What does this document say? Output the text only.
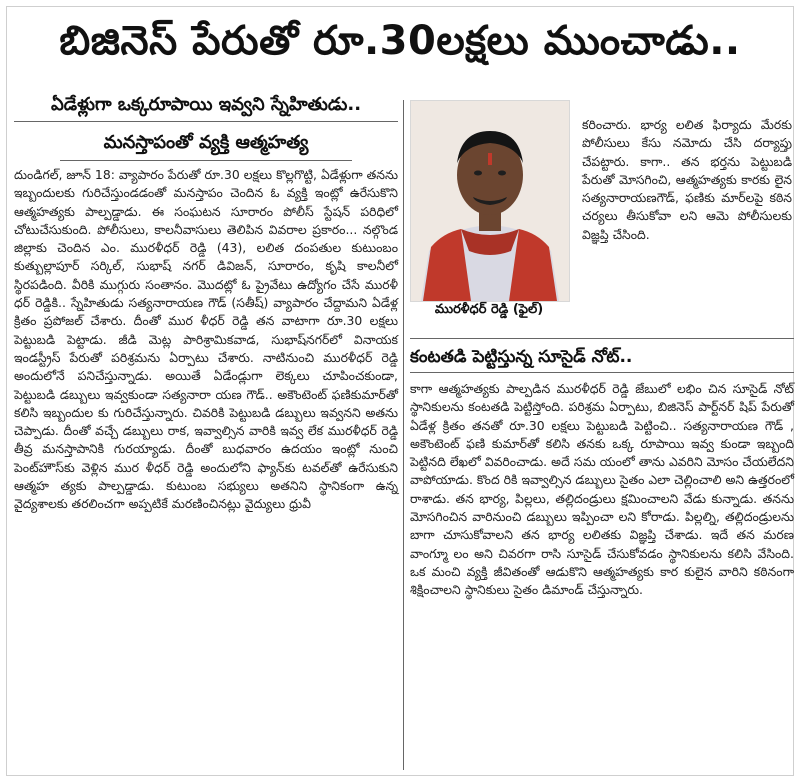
బిజినెస్ పేరుతో రూ.30లక్షలు ముంచాడు..
ఏడేళ్లుగా ఒక్కరూపాయి ఇవ్వని స్నేహితుడు..
మనస్తాపంతో వ్యక్తి ఆత్మహత్య
దుండిగల్, జూన్ 18: వ్యాపారం పేరుతో రూ.30 లక్షలు కొల్లగొట్టి, ఏడేళ్లుగా తనను ఇబ్బందులకు గురిచేస్తుండడంతో మనస్తాపం చెందిన ఓ వ్యక్తి ఇంట్లో ఉరేసుకొని ఆత్మహత్యకు పాల్పడ్డాడు. ఈ సంఘటన సూరారం పోలీస్ స్టేషన్ పరిధిలో చోటుచేసుకుంది. పోలీసులు, కాలనీవాసులు తెలిపిన వివరాల ప్రకారం... నల్గొండ జిల్లాకు చెందిన ఎం. మురళీధర్ రెడ్డి (43), లలిత దంపతుల కుటుంబం కుత్బుల్లాపూర్ సర్కిల్, సుభాష్ నగర్ డివిజన్, సూరారం, కృషి కాలనీలో స్థిరపడింది. వీరికి ముగ్గురు సంతానం. మొదట్లో ఓ ప్రైవేటు ఉద్యోగం చేసే మురళీ ధర్ రెడ్డికి.. స్నేహితుడు సత్యనారాయణ గౌడ్ (సతీష్) వ్యాపారం చేద్దామని ఏడేళ్ల క్రితం ప్రపోజల్ చేశారు. దీంతో ముర ళీధర్ రెడ్డి తన వాటాగా రూ.30 లక్షలు పెట్టుబడి పెట్టాడు. జీడి మెట్ల పారిశ్రామికవాడ, సుభాష్‌నగర్‌లో వినాయక ఇండస్ట్రీస్ పేరుతో పరిశ్రమను ఏర్పాటు చేశారు. నాటినుంచి మురళీధర్ రెడ్డి అందులోనే పనిచేస్తున్నాడు. అయితే ఏడేండ్లుగా లెక్కలు చూపించకుండా, పెట్టుబడి డబ్బులు ఇవ్వకుండా సత్యనారా యణ గౌడ్.. అకౌంటెంట్ ఫణికుమార్‌తో కలిసి ఇబ్బందుల కు గురిచేస్తున్నారు. చివరికి పెట్టుబడి డబ్బులు ఇవ్వనని అతను చెప్పాడు. దీంతో వచ్చే డబ్బులు రాక, ఇవ్వాల్సిన వారికి ఇవ్వ లేక మురళీధర్ రెడ్డి తీవ్ర మనస్తాపానికి గురయ్యాడు. దీంతో బుధవారం ఉదయం ఇంట్లో నుంచి పెంట్‌హౌస్‌కు వెళ్లిన ముర ళీధర్ రెడ్డి అందులోని ఫ్యాన్‌కు టవల్‌తో ఉరేసుకుని ఆత్మహ త్యకు పాల్పడ్డాడు. కుటుంబ సభ్యులు అతనిని స్థానికంగా ఉన్న వైద్యశాలకు తరలించగా అప్పటికే మరణించినట్లు వైద్యులు ధ్రువీ
మురళీధర్ రెడ్డి (ఫైల్)
కరించారు. భార్య లలిత ఫిర్యాదు మేరకు పోలీసులు కేసు నమోదు చేసి దర్యాప్తు చేపట్టారు. కాగా.. తన భర్తను పెట్టుబడి పేరుతో మోసగించి, ఆత్మహత్యకు కారకు లైన సత్యనారాయణగౌడ్, ఫణికు మార్‌లపై కఠిన చర్యలు తీసుకోవా లని ఆమె పోలీసులకు విజ్ఞప్తి చేసింది.
కంటతడి పెట్టిస్తున్న సూసైడ్ నోట్..
కాగా ఆత్మహత్యకు పాల్పడిన మురళీధర్ రెడ్డి జేబులో లభిం చిన సూసైడ్ నోట్ స్థానికులను కంటతడి పెట్టిస్తోంది. పరిశ్రమ ఏర్పాటు, బిజినెస్ పార్ట్‌నర్ షిప్ పేరుతో ఏడేళ్ల క్రితం తనతో రూ.30 లక్షలు పెట్టుబడి పెట్టించి.. సత్యనారాయణ గౌడ్ , అకౌంటెంట్ ఫణి కుమార్‌తో కలిసి తనకు ఒక్క రూపాయి ఇవ్వ కుండా ఇబ్బంది పెట్టినది లేఖలో వివరించాడు. అదే సమ యంలో తాను ఎవరిని మోసం చేయలేదని వాపోయాడు. కొంద రికి ఇవ్వాల్సిన డబ్బులు సైతం ఎలా చెల్లించాలి అని ఉత్తరంలో రాశాడు. తన భార్య, పిల్లలు, తల్లిదండ్రులు క్షమించాలని వేడు కున్నాడు. తనను మోసగించిన వారినుంచి డబ్బులు ఇప్పించా లని కోరాడు. పిల్లల్ని, తల్లిదండ్రులను బాగా చూసుకోవాలని తన భార్య లలితకు విజ్ఞప్తి చేశాడు. ఇదే తన మరణ వాంగ్మూ లం అని చివరగా రాసి సూసైడ్ చేసుకోవడం స్థానికులను కలిసి వేసింది. ఒక మంచి వ్యక్తి జీవితంతో ఆడుకొని ఆత్మహత్యకు కార కులైన వారిని కఠినంగా శిక్షించాలని స్థానికులు సైతం డిమాండ్ చేస్తున్నారు.
